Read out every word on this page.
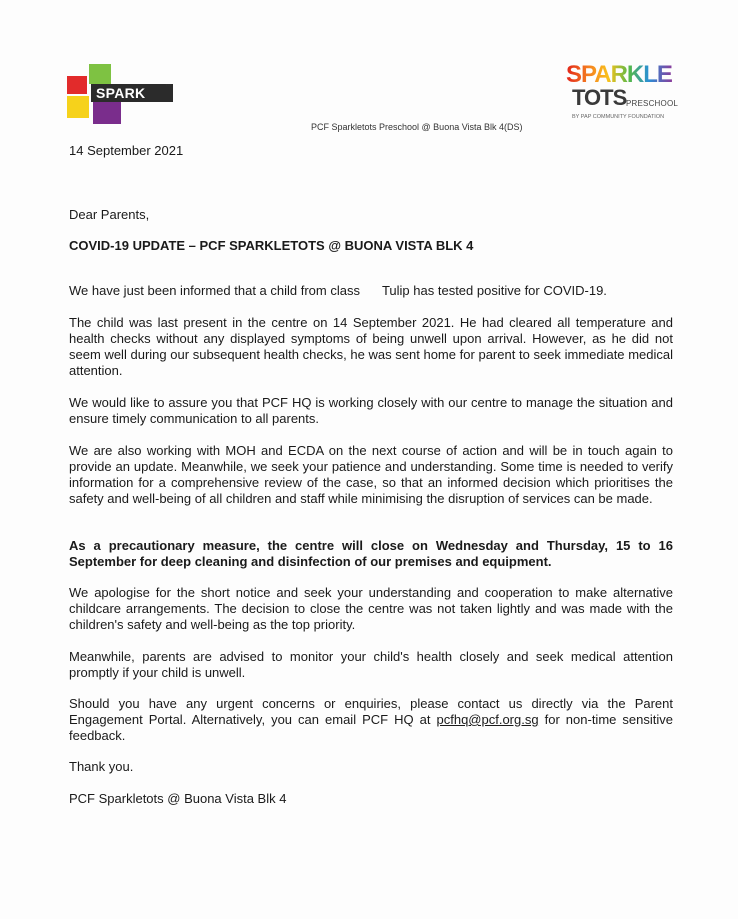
SPARK	™	SPARKLE
TOTS PRESCHOOL
BY PAP COMMUNITY FOUNDATION
PCF Sparkletots Preschool @ Buona Vista Blk 4(DS)
14 September 2021
Dear Parents,
COVID-19 UPDATE – PCF SPARKLETOTS @ BUONA VISTA BLK 4
We have just been informed that a child from class Tulip has tested positive for COVID-19.
The child was last present in the centre on 14 September 2021. He had cleared all temperature and health checks without any displayed symptoms of being unwell upon arrival. However, as he did not seem well during our subsequent health checks, he was sent home for parent to seek immediate medical attention.
We would like to assure you that PCF HQ is working closely with our centre to manage the situation and ensure timely communication to all parents.
We are also working with MOH and ECDA on the next course of action and will be in touch again to provide an update. Meanwhile, we seek your patience and understanding. Some time is needed to verify information for a comprehensive review of the case, so that an informed decision which prioritises the safety and well-being of all children and staff while minimising the disruption of services can be made.
As a precautionary measure, the centre will close on Wednesday and Thursday, 15 to 16 September for deep cleaning and disinfection of our premises and equipment.
We apologise for the short notice and seek your understanding and cooperation to make alternative childcare arrangements. The decision to close the centre was not taken lightly and was made with the children's safety and well-being as the top priority.
Meanwhile, parents are advised to monitor your child's health closely and seek medical attention promptly if your child is unwell.
Should you have any urgent concerns or enquiries, please contact us directly via the Parent Engagement Portal. Alternatively, you can email PCF HQ at pcfhq@pcf.org.sg for non-time sensitive feedback.
Thank you.
PCF Sparkletots @ Buona Vista Blk 4
